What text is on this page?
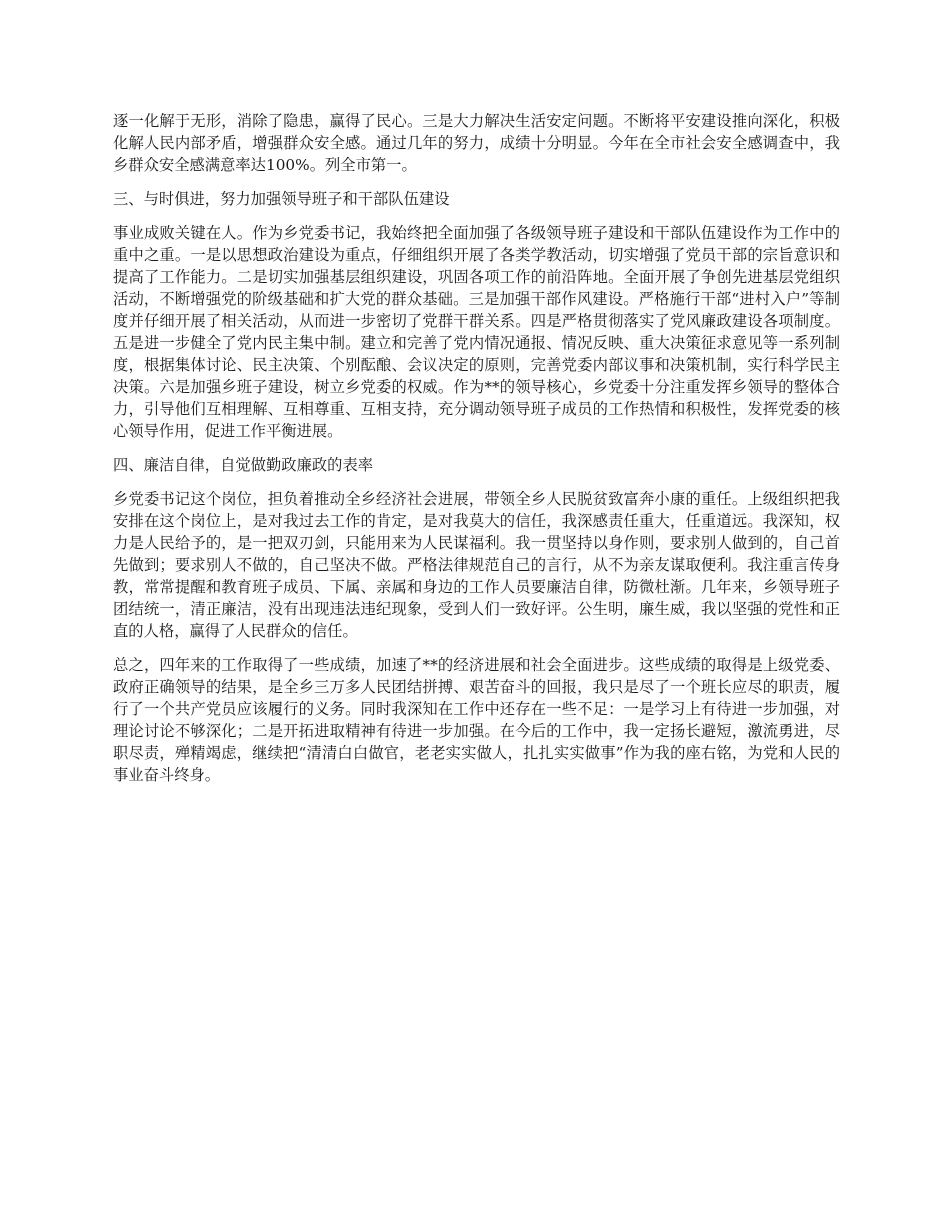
逐一化解于无形，消除了隐患，赢得了民心。三是大力解决生活安定问题。不断将平安建设推向深化，积极化解人民内部矛盾，增强群众安全感。通过几年的努力，成绩十分明显。今年在全市社会安全感调查中，我乡群众安全感满意率达100%。列全市第一。

三、与时俱进，努力加强领导班子和干部队伍建设

事业成败关键在人。作为乡党委书记，我始终把全面加强了各级领导班子建设和干部队伍建设作为工作中的重中之重。一是以思想政治建设为重点，仔细组织开展了各类学教活动，切实增强了党员干部的宗旨意识和提高了工作能力。二是切实加强基层组织建设，巩固各项工作的前沿阵地。全面开展了争创先进基层党组织活动，不断增强党的阶级基础和扩大党的群众基础。三是加强干部作风建设。严格施行干部“进村入户”等制度并仔细开展了相关活动，从而进一步密切了党群干群关系。四是严格贯彻落实了党风廉政建设各项制度。五是进一步健全了党内民主集中制。建立和完善了党内情况通报、情况反映、重大决策征求意见等一系列制度，根据集体讨论、民主决策、个别酝酿、会议决定的原则，完善党委内部议事和决策机制，实行科学民主决策。六是加强乡班子建设，树立乡党委的权威。作为**的领导核心，乡党委十分注重发挥乡领导的整体合力，引导他们互相理解、互相尊重、互相支持，充分调动领导班子成员的工作热情和积极性，发挥党委的核心领导作用，促进工作平衡进展。

四、廉洁自律，自觉做勤政廉政的表率

乡党委书记这个岗位，担负着推动全乡经济社会进展，带领全乡人民脱贫致富奔小康的重任。上级组织把我安排在这个岗位上，是对我过去工作的肯定，是对我莫大的信任，我深感责任重大，任重道远。我深知，权力是人民给予的，是一把双刃剑，只能用来为人民谋福利。我一贯坚持以身作则，要求别人做到的，自己首先做到；要求别人不做的，自己坚决不做。严格法律规范自己的言行，从不为亲友谋取便利。我注重言传身教，常常提醒和教育班子成员、下属、亲属和身边的工作人员要廉洁自律，防微杜渐。几年来，乡领导班子团结统一，清正廉洁，没有出现违法违纪现象，受到人们一致好评。公生明，廉生威，我以坚强的党性和正直的人格，赢得了人民群众的信任。

总之，四年来的工作取得了一些成绩，加速了**的经济进展和社会全面进步。这些成绩的取得是上级党委、政府正确领导的结果，是全乡三万多人民团结拼搏、艰苦奋斗的回报，我只是尽了一个班长应尽的职责，履行了一个共产党员应该履行的义务。同时我深知在工作中还存在一些不足：一是学习上有待进一步加强，对理论讨论不够深化；二是开拓进取精神有待进一步加强。在今后的工作中，我一定扬长避短，激流勇进，尽职尽责，殚精竭虑，继续把“清清白白做官，老老实实做人，扎扎实实做事”作为我的座右铭，为党和人民的事业奋斗终身。
